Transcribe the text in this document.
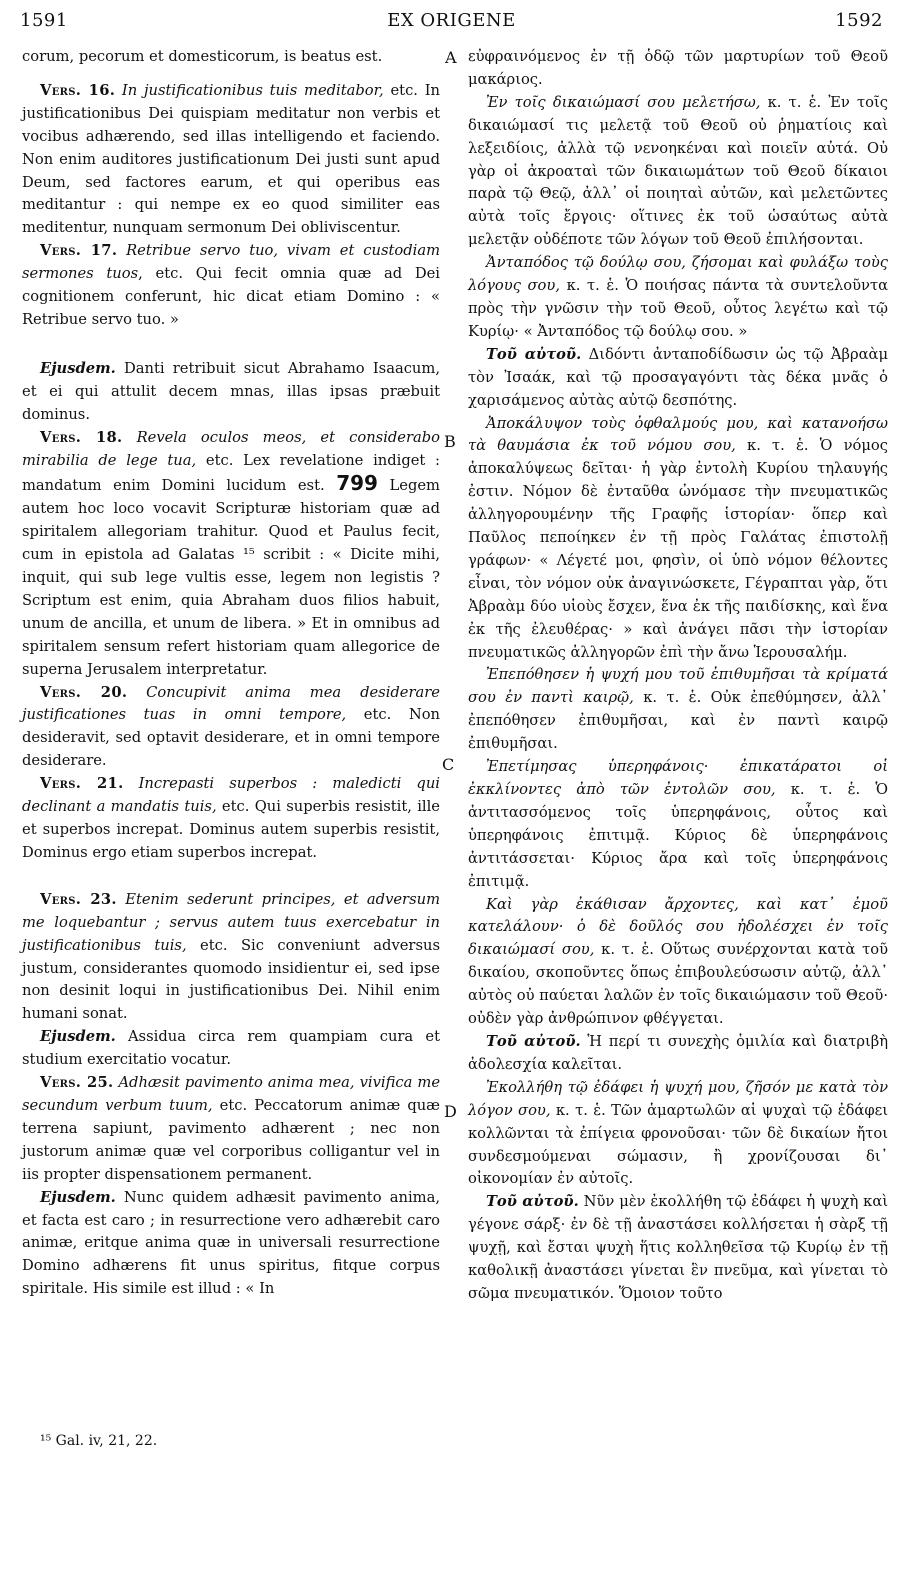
1591	EX ORIGENE	1592
A
B
C
D

corum, pecorum et domesticorum, is beatus est.

Vers. 16. In justificationibus tuis meditabor, etc. In justificationibus Dei quispiam meditatur non verbis et vocibus adhærendo, sed illas intelligendo et faciendo. Non enim auditores justificationum Dei justi sunt apud Deum, sed factores earum, et qui operibus eas meditantur : qui nempe ex eo quod similiter eas meditentur, nunquam sermonum Dei obliviscentur.

Vers. 17. Retribue servo tuo, vivam et custodiam sermones tuos, etc. Qui fecit omnia quæ ad Dei cognitionem conferunt, hic dicat etiam Domino : « Retribue servo tuo. »

Ejusdem. Danti retribuit sicut Abrahamo Isaacum, et ei qui attulit decem mnas, illas ipsas præbuit dominus.

Vers. 18. Revela oculos meos, et considerabo mirabilia de lege tua, etc. Lex revelatione indiget : mandatum enim Domini lucidum est. 799 Legem autem hoc loco vocavit Scripturæ historiam quæ ad spiritalem allegoriam trahitur. Quod et Paulus fecit, cum in epistola ad Galatas ¹⁵ scribit : « Dicite mihi, inquit, qui sub lege vultis esse, legem non legistis ? Scriptum est enim, quia Abraham duos filios habuit, unum de ancilla, et unum de libera. » Et in omnibus ad spiritalem sensum refert historiam quam allegorice de superna Jerusalem interpretatur.

Vers. 20. Concupivit anima mea desiderare justificationes tuas in omni tempore, etc. Non desideravit, sed optavit desiderare, et in omni tempore desiderare.

Vers. 21. Increpasti superbos : maledicti qui declinant a mandatis tuis, etc. Qui superbis resistit, ille et superbos increpat. Dominus autem superbis resistit, Dominus ergo etiam superbos increpat.

Vers. 23. Etenim sederunt principes, et adversum me loquebantur ; servus autem tuus exercebatur in justificationibus tuis, etc. Sic conveniunt adversus justum, considerantes quomodo insidientur ei, sed ipse non desinit loqui in justificationibus Dei. Nihil enim humani sonat.

Ejusdem. Assidua circa rem quampiam cura et studium exercitatio vocatur.

Vers. 25. Adhæsit pavimento anima mea, vivifica me secundum verbum tuum, etc. Peccatorum animæ quæ terrena sapiunt, pavimento adhærent ; nec non justorum animæ quæ vel corporibus colligantur vel in iis propter dispensationem permanent.

Ejusdem. Nunc quidem adhæsit pavimento anima, et facta est caro ; in resurrectione vero adhærebit caro animæ, eritque anima quæ in universali resurrectione Domino adhærens fit unus spiritus, fitque corpus spiritale. His simile est illud : « In

εὐφραινόμενος ἐν τῇ ὁδῷ τῶν μαρτυρίων τοῦ Θεοῦ μακάριος.

Ἐν τοῖς δικαιώμασί σου μελετήσω, κ. τ. ἑ. Ἐν τοῖς δικαιώμασί τις μελετᾷ τοῦ Θεοῦ οὐ ῥηματίοις καὶ λεξειδίοις, ἀλλὰ τῷ νενοηκέναι καὶ ποιεῖν αὐτά. Οὐ γὰρ οἱ ἀκροαταὶ τῶν δικαιωμάτων τοῦ Θεοῦ δίκαιοι παρὰ τῷ Θεῷ, ἀλλ᾽ οἱ ποιηταὶ αὐτῶν, καὶ μελετῶντες αὐτὰ τοῖς ἔργοις· οἵτινες ἐκ τοῦ ὡσαύτως αὐτὰ μελετᾷν οὐδέποτε τῶν λόγων τοῦ Θεοῦ ἐπιλήσονται.

Ἀνταπόδος τῷ δούλῳ σου, ζήσομαι καὶ φυλάξω τοὺς λόγους σου, κ. τ. ἑ. Ὁ ποιήσας πάντα τὰ συντελοῦντα πρὸς τὴν γνῶσιν τὴν τοῦ Θεοῦ, οὗτος λεγέτω καὶ τῷ Κυρίῳ· « Ἀνταπόδος τῷ δούλῳ σου. »

Τοῦ αὐτοῦ. Διδόντι ἀνταποδίδωσιν ὡς τῷ Ἀβραὰμ τὸν Ἰσαάκ, καὶ τῷ προσαγαγόντι τὰς δέκα μνᾶς ὁ χαρισάμενος αὐτὰς αὐτῷ δεσπότης.

Ἀποκάλυψον τοὺς ὀφθαλμούς μου, καὶ κατανοήσω τὰ θαυμάσια ἐκ τοῦ νόμου σου, κ. τ. ἑ. Ὁ νόμος ἀποκαλύψεως δεῖται· ἡ γὰρ ἐντολὴ Κυρίου τηλαυγής ἐστιν. Νόμον δὲ ἐνταῦθα ὠνόμασε τὴν πνευματικῶς ἀλληγορουμένην τῆς Γραφῆς ἱστορίαν· ὅπερ καὶ Παῦλος πεποίηκεν ἐν τῇ πρὸς Γαλάτας ἐπιστολῇ γράφων· « Λέγετέ μοι, φησὶν, οἱ ὑπὸ νόμον θέλοντες εἶναι, τὸν νόμον οὐκ ἀναγινώσκετε, Γέγραπται γὰρ, ὅτι Ἀβραὰμ δύο υἱοὺς ἔσχεν, ἕνα ἐκ τῆς παιδίσκης, καὶ ἕνα ἐκ τῆς ἐλευθέρας· » καὶ ἀνάγει πᾶσι τὴν ἱστορίαν πνευματικῶς ἀλληγορῶν ἐπὶ τὴν ἄνω Ἱερουσαλήμ.

Ἐπεπόθησεν ἡ ψυχή μου τοῦ ἐπιθυμῆσαι τὰ κρίματά σου ἐν παντὶ καιρῷ, κ. τ. ἑ. Οὐκ ἐπεθύμησεν, ἀλλ᾽ ἐπεπόθησεν ἐπιθυμῆσαι, καὶ ἐν παντὶ καιρῷ ἐπιθυμῆσαι.

Ἐπετίμησας ὑπερηφάνοις· ἐπικατάρατοι οἱ ἐκκλίνοντες ἀπὸ τῶν ἐντολῶν σου, κ. τ. ἑ. Ὁ ἀντιτασσόμενος τοῖς ὑπερηφάνοις, οὗτος καὶ ὑπερηφάνοις ἐπιτιμᾷ. Κύριος δὲ ὑπερηφάνοις ἀντιτάσσεται· Κύριος ἄρα καὶ τοῖς ὑπερηφάνοις ἐπιτιμᾷ.

Καὶ γὰρ ἐκάθισαν ἄρχοντες, καὶ κατ᾽ ἐμοῦ κατελάλουν· ὁ δὲ δοῦλός σου ἠδολέσχει ἐν τοῖς δικαιώμασί σου, κ. τ. ἑ. Οὕτως συνέρχονται κατὰ τοῦ δικαίου, σκοποῦντες ὅπως ἐπιβουλεύσωσιν αὐτῷ, ἀλλ᾽ αὐτὸς οὐ παύεται λαλῶν ἐν τοῖς δικαιώμασιν τοῦ Θεοῦ· οὐδὲν γὰρ ἀνθρώπινον φθέγγεται.

Τοῦ αὐτοῦ. Ἡ περί τι συνεχὴς ὁμιλία καὶ διατριβὴ ἀδολεσχία καλεῖται.

Ἐκολλήθη τῷ ἐδάφει ἡ ψυχή μου, ζῆσόν με κατὰ τὸν λόγον σου, κ. τ. ἑ. Τῶν ἁμαρτωλῶν αἱ ψυχαὶ τῷ ἐδάφει κολλῶνται τὰ ἐπίγεια φρονοῦσαι· τῶν δὲ δικαίων ἤτοι συνδεσμούμεναι σώμασιν, ἢ χρονίζουσαι δι᾽ οἰκονομίαν ἐν αὐτοῖς.

Τοῦ αὐτοῦ. Νῦν μὲν ἐκολλήθη τῷ ἐδάφει ἡ ψυχὴ καὶ γέγονε σάρξ· ἐν δὲ τῇ ἀναστάσει κολλήσεται ἡ σὰρξ τῇ ψυχῇ, καὶ ἔσται ψυχὴ ἥτις κολληθεῖσα τῷ Κυρίῳ ἐν τῇ καθολικῇ ἀναστάσει γίνεται ἓν πνεῦμα, καὶ γίνεται τὸ σῶμα πνευματικόν. Ὅμοιον τοῦτο

¹⁵ Gal. iv, 21, 22.
